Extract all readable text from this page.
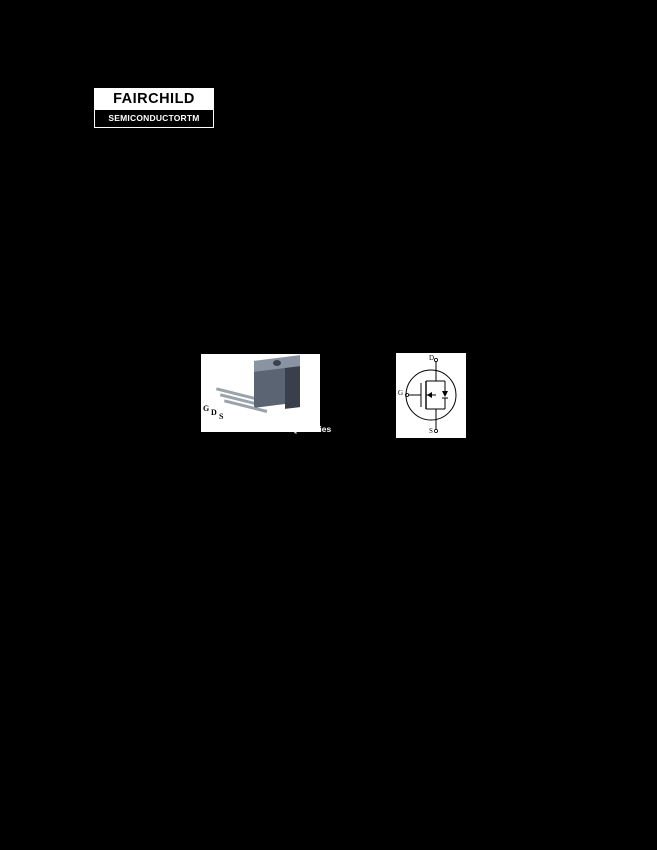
FAIRCHILD
SEMICONDUCTOR TM
October 2004
FQP6N50 / FQPF6N50
500V N-Channel MOSFET
Features
6.0A, 500V, RDS(on) = 1.2Ω @VGS = 10 V • Low gate charge ( typical 25 nC) • Low Crss ( typical 13 pF) • Fast switching • 100% avalanche tested • Improved dv/dt capability
General Description
These N-Channel enhancement mode power field effect transistors are produced using Fairchild's proprietary, planar stripe, DMOS technology. This advanced technology has been especially tailored to minimize on-state resistance, provide superior switching performance, and withstand high energy pulse in the avalanche and commutation mode. These devices are well suited for high efficiency switched mode power supplies, active power factor correction and electronic lamp ballasts.
G D S	TO-220
FQP Series
D
G
S
Absolute Maximum Ratings
Symbol	Parameter	FQP6N50	FQPF6N50	Units
VDSS	Drain-Source Voltage	500	500	V
ID	Drain Current - Continuous (TC = 25°C)	6.0	6.0	A
IDM	Drain Current - Pulsed	24	24	A
VGSS	Gate-Source Voltage	± 30	± 30	V
EAS	Single Pulsed Avalanche Energy	390	390	mJ
IAR	Avalanche Current	6.0	6.0	A
EAR	Repetitive Avalanche Energy	16	16	mJ
dv/dt	Peak Diode Recovery dv/dt	4.5	4.5	V/ns
PD	Power Dissipation (TC = 25°C)	111	48	W
TJ, TSTG	Operating and Storage Temperature Range	-55 to +150	-55 to +150	°C
TL	Maximum lead temperature for soldering purposes, 1/8" from case for 5 seconds	300	300	°C
©2004 Fairchild Semiconductor Corporation	FQP6N50/FQPF6N50 Rev. C
